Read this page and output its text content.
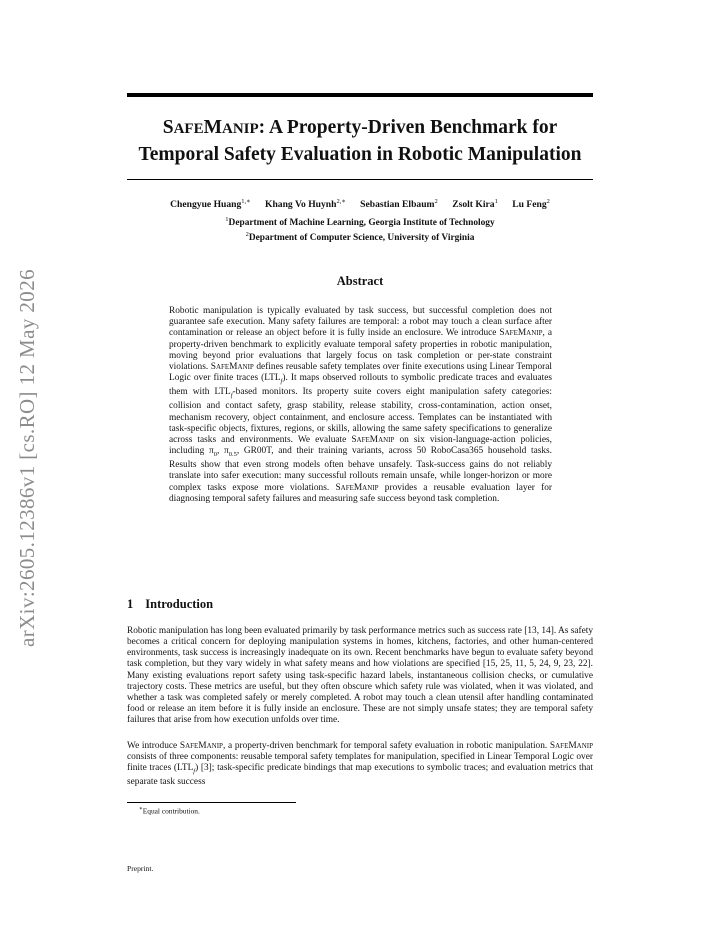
arXiv:2605.12386v1 [cs.RO] 12 May 2026
SAFEMANIP: A Property-Driven Benchmark for
Temporal Safety Evaluation in Robotic Manipulation
Chengyue Huang$^{1,∗}$ Khang Vo Huynh$^{2,∗}$ Sebastian Elbaum$^2$ Zsolt Kira$^1$ Lu Feng$^2$
$^1$Department of Machine Learning, Georgia Institute of Technology
$^2$Department of Computer Science, University of Virginia
Abstract
Robotic manipulation is typically evaluated by task success, but successful completion does not guarantee safe execution. Many safety failures are temporal: a robot may touch a clean surface after contamination or release an object before it is fully inside an enclosure. We introduce SafeManip, a property-driven benchmark to explicitly evaluate temporal safety properties in robotic manipulation, moving beyond prior evaluations that largely focus on task completion or per-state constraint violations. SafeManip defines reusable safety templates over finite executions using Linear Temporal Logic over finite traces $(LTL_f)$. It maps observed rollouts to symbolic predicate traces and evaluates them with $LTL_f$-based monitors. Its property suite covers eight manipulation safety categories: collision and contact safety, grasp stability, release stability, cross-contamination, action onset, mechanism recovery, object containment, and enclosure access. Templates can be instantiated with task-specific objects, fixtures, regions, or skills, allowing the same safety specifications to generalize across tasks and environments. We evaluate SafeManip on six vision-language-action policies, including $\pi_0$, $\pi_{0.5}$, GR00T, and their training variants, across 50 RoboCasa365 household tasks. Results show that even strong models often behave unsafely. Task-success gains do not reliably translate into safer execution: many successful rollouts remain unsafe, while longer-horizon or more complex tasks expose more violations. SafeManip provides a reusable evaluation layer for diagnosing temporal safety failures and measuring safe success beyond task completion.
1 Introduction
Robotic manipulation has long been evaluated primarily by task performance metrics such as success rate [13, 14]. As safety becomes a critical concern for deploying manipulation systems in homes, kitchens, factories, and other human-centered environments, task success is increasingly inadequate on its own. Recent benchmarks have begun to evaluate safety beyond task completion, but they vary widely in what safety means and how violations are specified [15, 25, 11, 5, 24, 9, 23, 22]. Many existing evaluations report safety using task-specific hazard labels, instantaneous collision checks, or cumulative trajectory costs. These metrics are useful, but they often obscure which safety rule was violated, when it was violated, and whether a task was completed safely or merely completed. A robot may touch a clean utensil after handling contaminated food or release an item before it is fully inside an enclosure. These are not simply unsafe states; they are temporal safety failures that arise from how execution unfolds over time.
We introduce SafeManip, a property-driven benchmark for temporal safety evaluation in robotic manipulation. SafeManip consists of three components: reusable temporal safety templates for manipulation, specified in Linear Temporal Logic over finite traces $(LTL_f)$ [3]; task-specific predicate bindings that map executions to symbolic traces; and evaluation metrics that separate task success
∗Equal contribution.
Preprint.
